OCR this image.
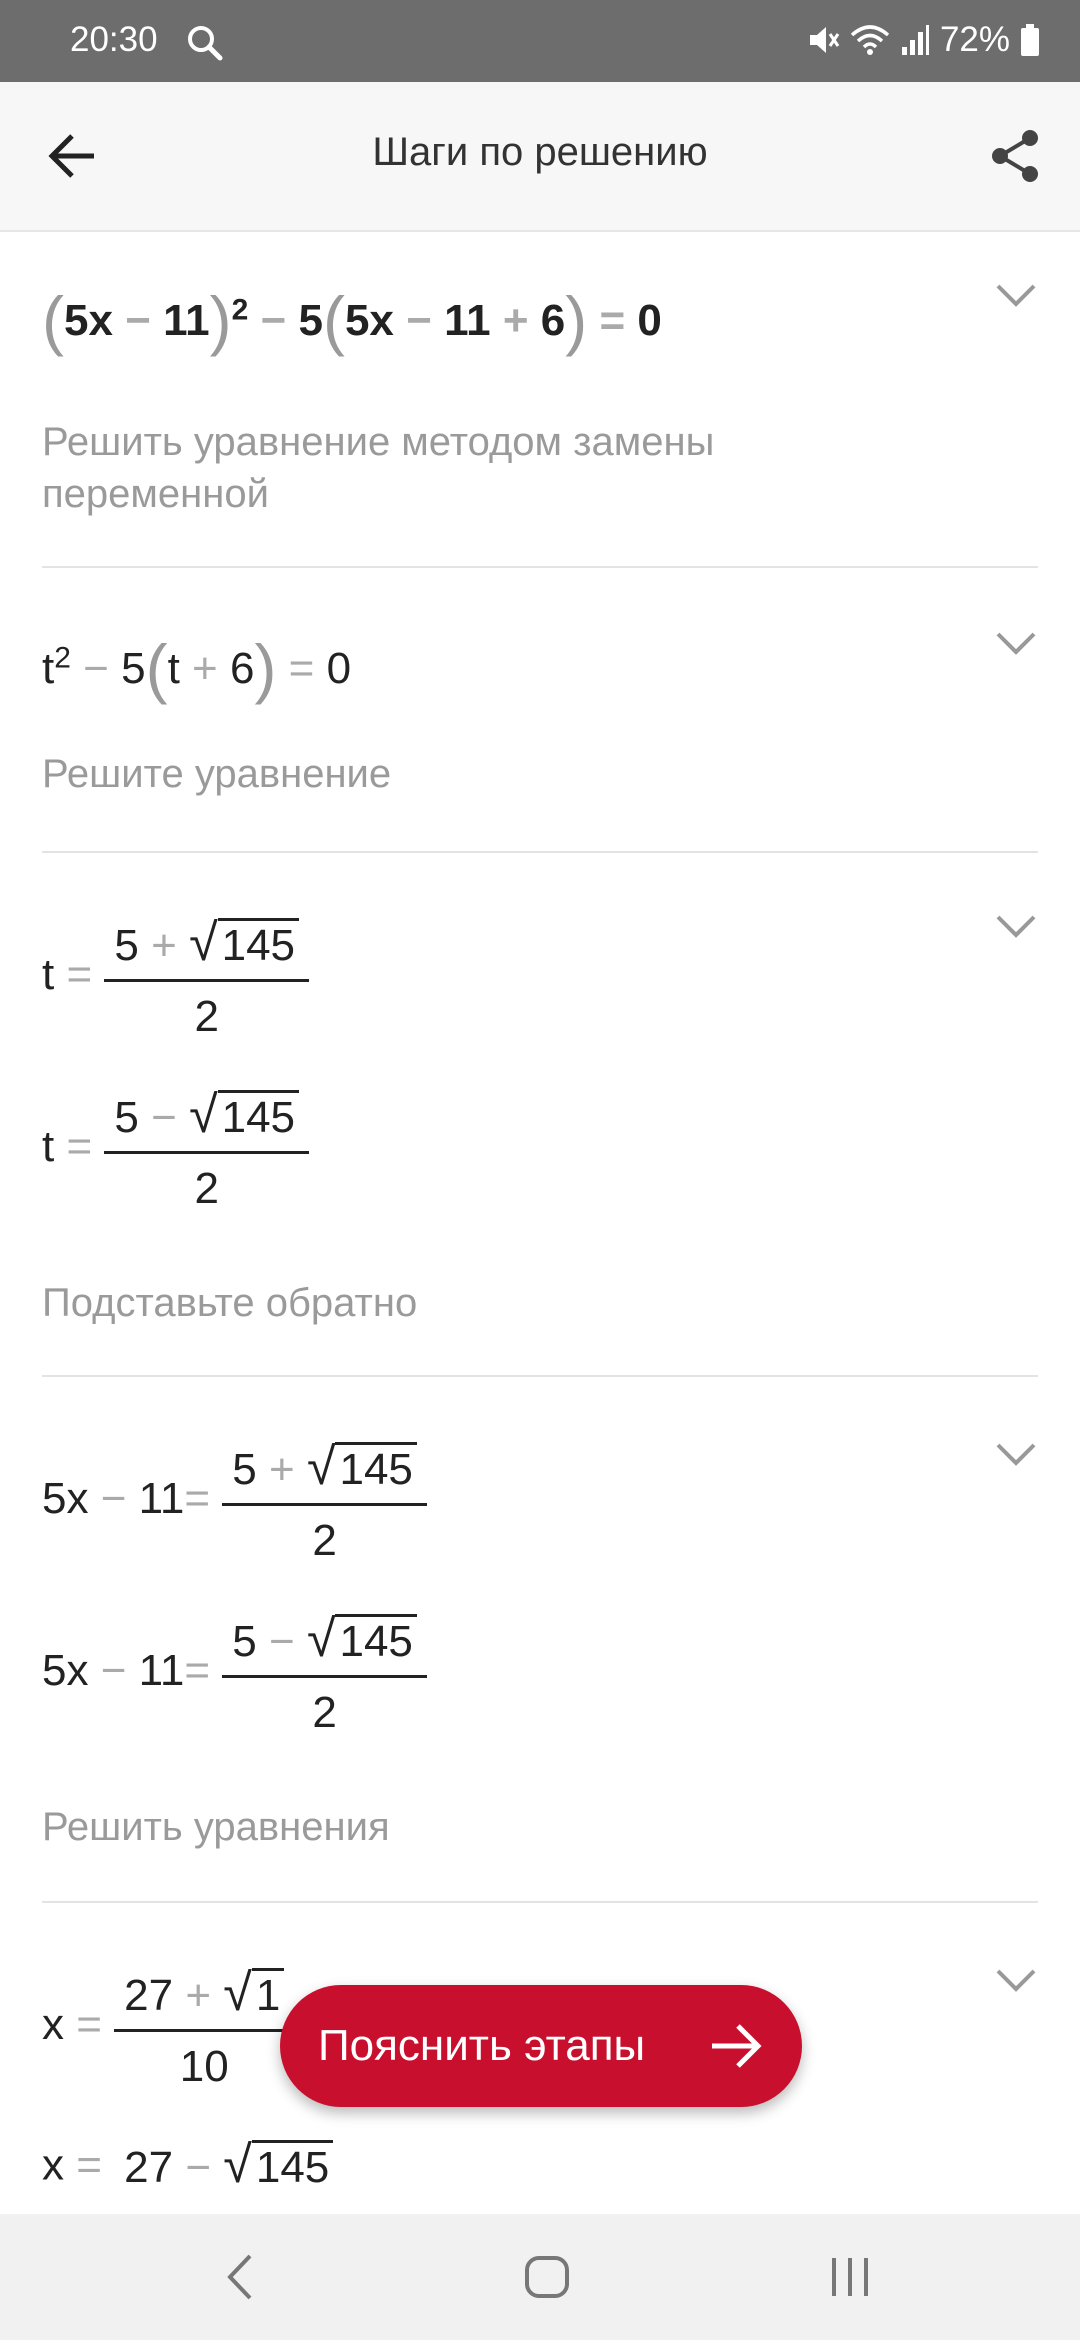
20:30	72%
Шаги по решению
$(5x - 11)^2 - 5(5x - 11 + 6) = 0$
Решить уравнение методом замены переменной
$t^2 - 5(t + 6) = 0$
Решите уравнение
$t = \frac{5 + √145}{2}$
$t = \frac{5 - √145}{2}$
Подставьте обратно
$5x - 11= \frac{5 + √145}{2}$
$5x - 11= \frac{5 - √145}{2}$
Решить уравнения
$x = \frac{27 + √1}{10}$
x = 27 − √145
Пояснить этапы
